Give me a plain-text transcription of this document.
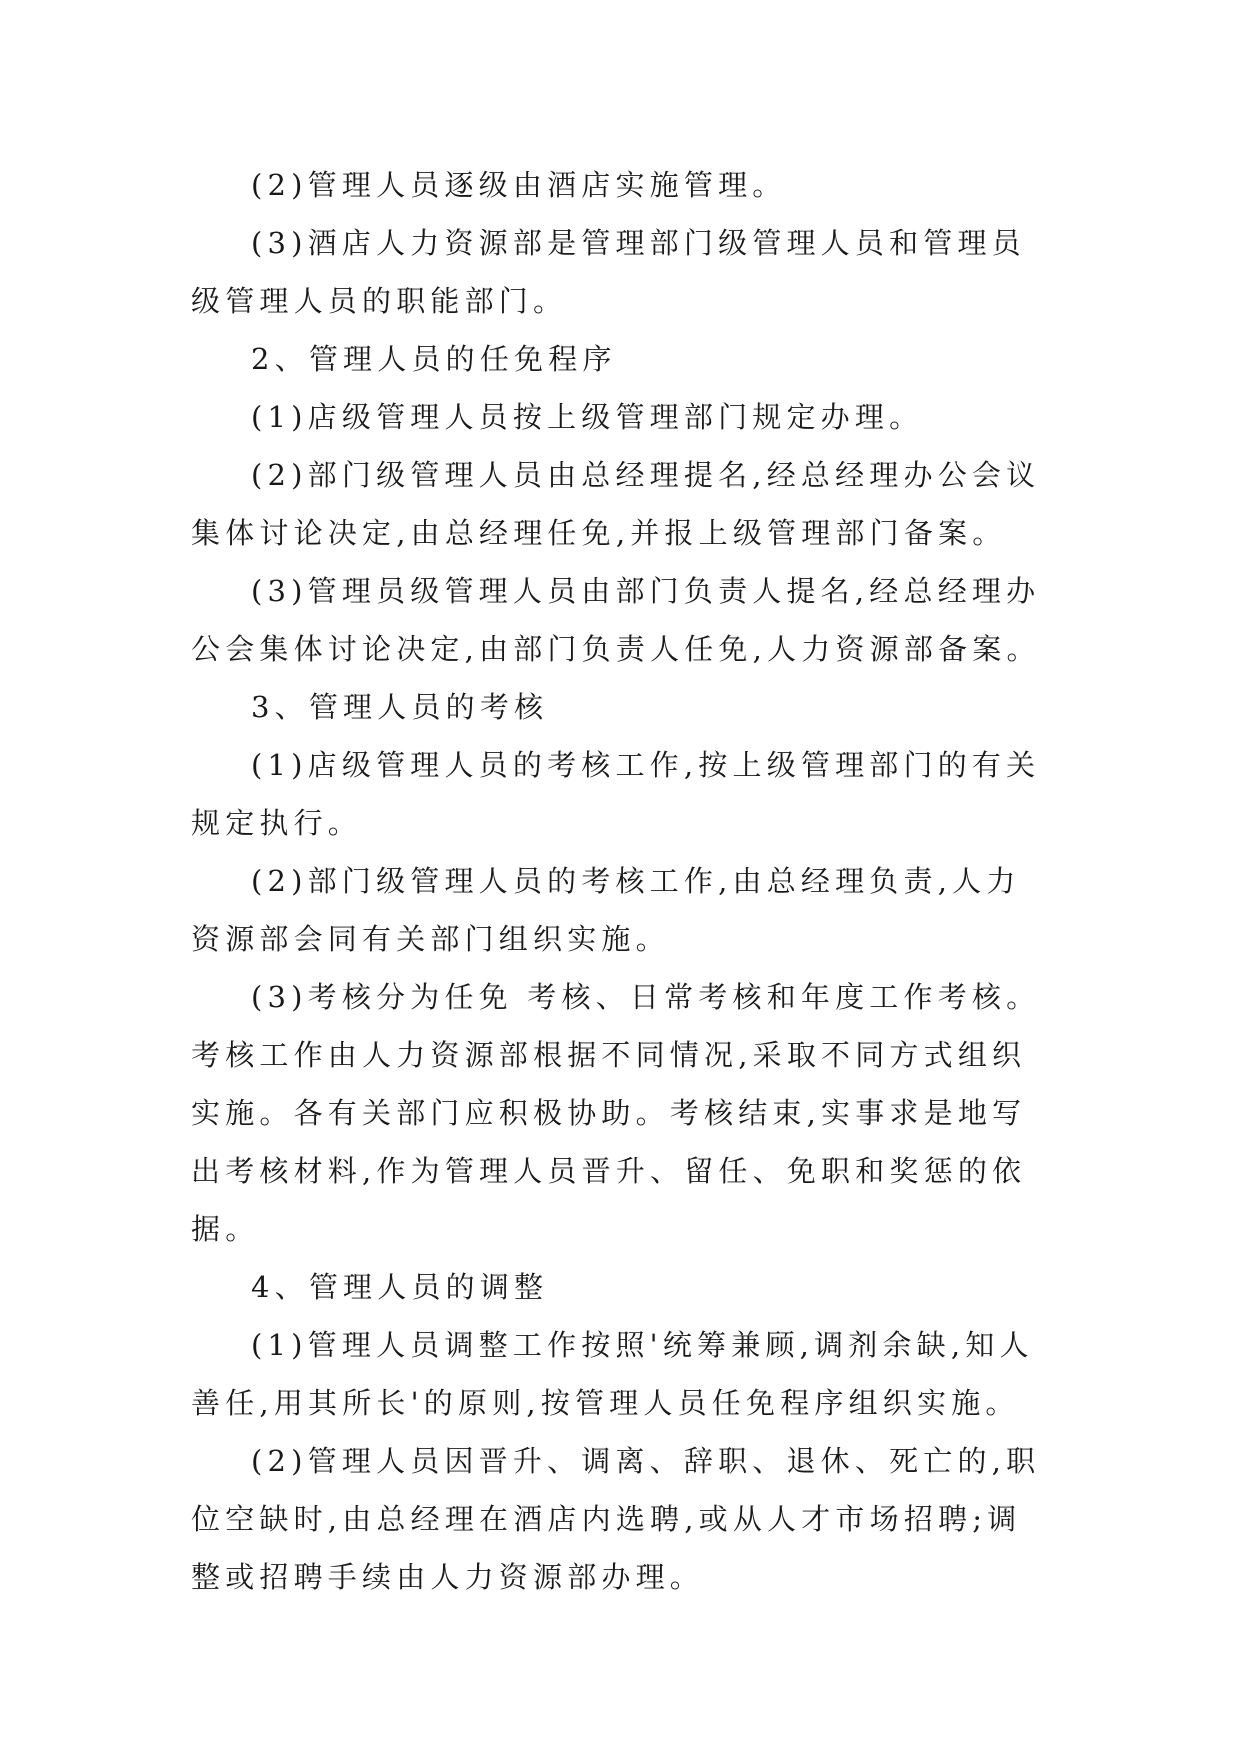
(2)管理人员逐级由酒店实施管理。

(3)酒店人力资源部是管理部门级管理人员和管理员级管理人员的职能部门。

2、管理人员的任免程序

(1)店级管理人员按上级管理部门规定办理。

(2)部门级管理人员由总经理提名,经总经理办公会议集体讨论决定,由总经理任免,并报上级管理部门备案。

(3)管理员级管理人员由部门负责人提名,经总经理办公会集体讨论决定,由部门负责人任免,人力资源部备案。

3、管理人员的考核

(1)店级管理人员的考核工作,按上级管理部门的有关规定执行。

(2)部门级管理人员的考核工作,由总经理负责,人力资源部会同有关部门组织实施。

(3)考核分为任免 考核、日常考核和年度工作考核。考核工作由人力资源部根据不同情况,采取不同方式组织实施。各有关部门应积极协助。考核结束,实事求是地写出考核材料,作为管理人员晋升、留任、免职和奖惩的依据。

4、管理人员的调整

(1)管理人员调整工作按照'统筹兼顾,调剂余缺,知人善任,用其所长'的原则,按管理人员任免程序组织实施。

(2)管理人员因晋升、调离、辞职、退休、死亡的,职位空缺时,由总经理在酒店内选聘,或从人才市场招聘;调整或招聘手续由人力资源部办理。
